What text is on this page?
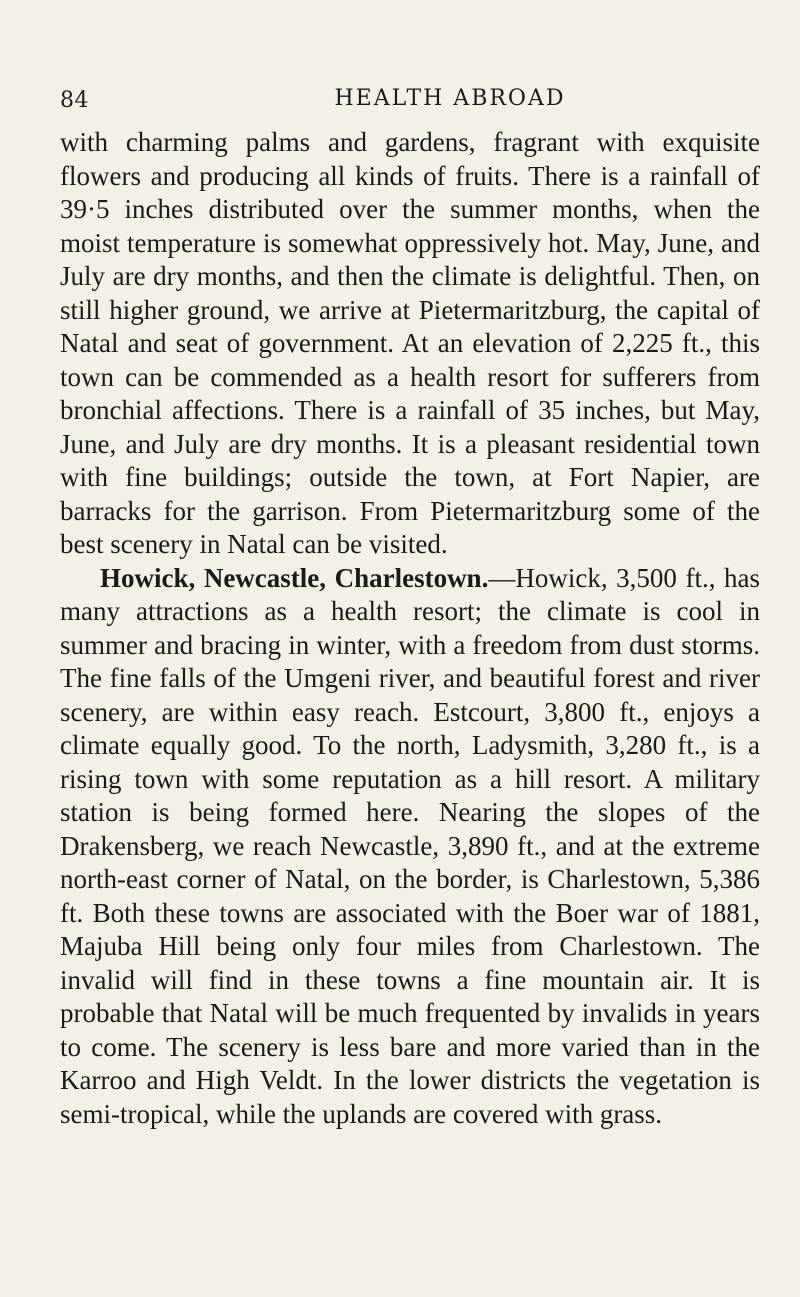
84	HEALTH ABROAD

with charming palms and gardens, fragrant with exquisite flowers and producing all kinds of fruits. There is a rainfall of 39·5 inches distributed over the summer months, when the moist temperature is somewhat oppressively hot. May, June, and July are dry months, and then the climate is delightful. Then, on still higher ground, we arrive at Pietermaritzburg, the capital of Natal and seat of government. At an elevation of 2,225 ft., this town can be commended as a health resort for sufferers from bronchial affections. There is a rainfall of 35 inches, but May, June, and July are dry months. It is a pleasant residential town with fine buildings; outside the town, at Fort Napier, are barracks for the garrison. From Pietermaritzburg some of the best scenery in Natal can be visited.

Howick, Newcastle, Charlestown.—Howick, 3,500 ft., has many attractions as a health resort; the climate is cool in summer and bracing in winter, with a freedom from dust storms. The fine falls of the Umgeni river, and beautiful forest and river scenery, are within easy reach. Estcourt, 3,800 ft., enjoys a climate equally good. To the north, Ladysmith, 3,280 ft., is a rising town with some reputation as a hill resort. A military station is being formed here. Nearing the slopes of the Drakensberg, we reach Newcastle, 3,890 ft., and at the extreme north-east corner of Natal, on the border, is Charlestown, 5,386 ft. Both these towns are associated with the Boer war of 1881, Majuba Hill being only four miles from Charlestown. The invalid will find in these towns a fine mountain air. It is probable that Natal will be much frequented by invalids in years to come. The scenery is less bare and more varied than in the Karroo and High Veldt. In the lower districts the vegetation is semi-tropical, while the uplands are covered with grass.
